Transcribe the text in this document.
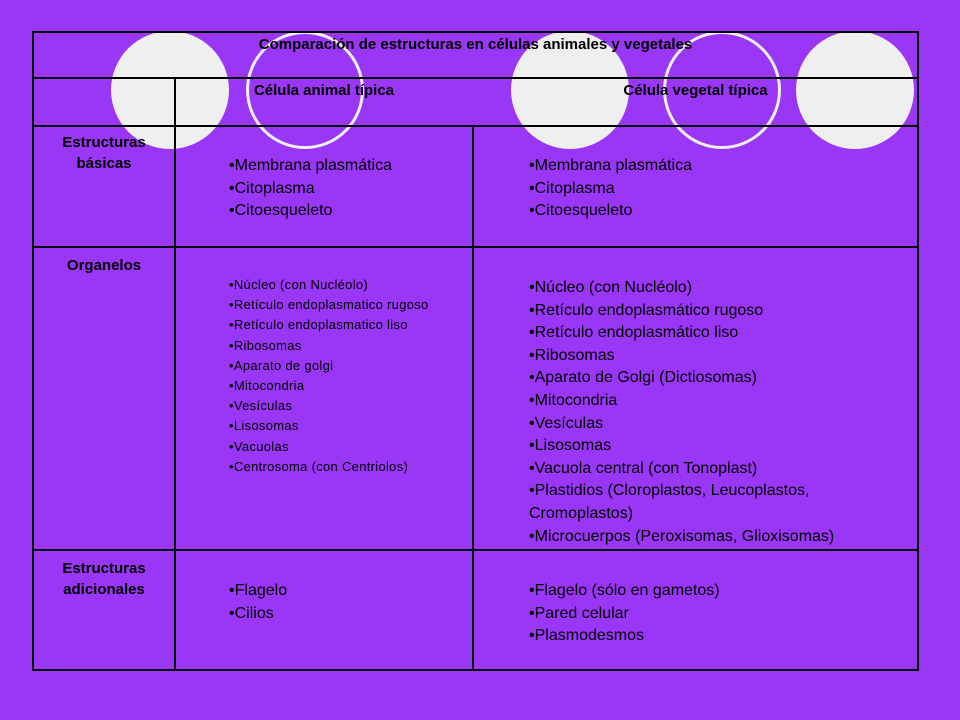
Comparación de estructuras en células animales y vegetales
Célula animal típica	Célula vegetal típica
Estructuras básicas
Organelos
Estructuras adicionales
• Membrana plasmática
• Citoplasma
• Citoesqueleto
• Membrana plasmática
• Citoplasma
• Citoesqueleto
• Núcleo (con Nucléolo)
• Retículo endoplasmatico rugoso
• Retículo endoplasmatico liso
• Ribosomas
• Aparato de golgi
• Mitocondria
• Vesículas
• Lisosomas
• Vacuolas
• Centrosoma (con Centriolos)
• Núcleo (con Nucléolo)
• Retículo endoplasmático rugoso
• Retículo endoplasmático liso
• Ribosomas
• Aparato de Golgi (Dictiosomas)
• Mitocondria
• Vesículas
• Lisosomas
• Vacuola central (con Tonoplast)
• Plastidios (Cloroplastos, Leucoplastos, Cromoplastos)
• Microcuerpos (Peroxisomas, Glioxisomas)
• Flagelo
• Cilios
• Flagelo (sólo en gametos)
• Pared celular
• Plasmodesmos
